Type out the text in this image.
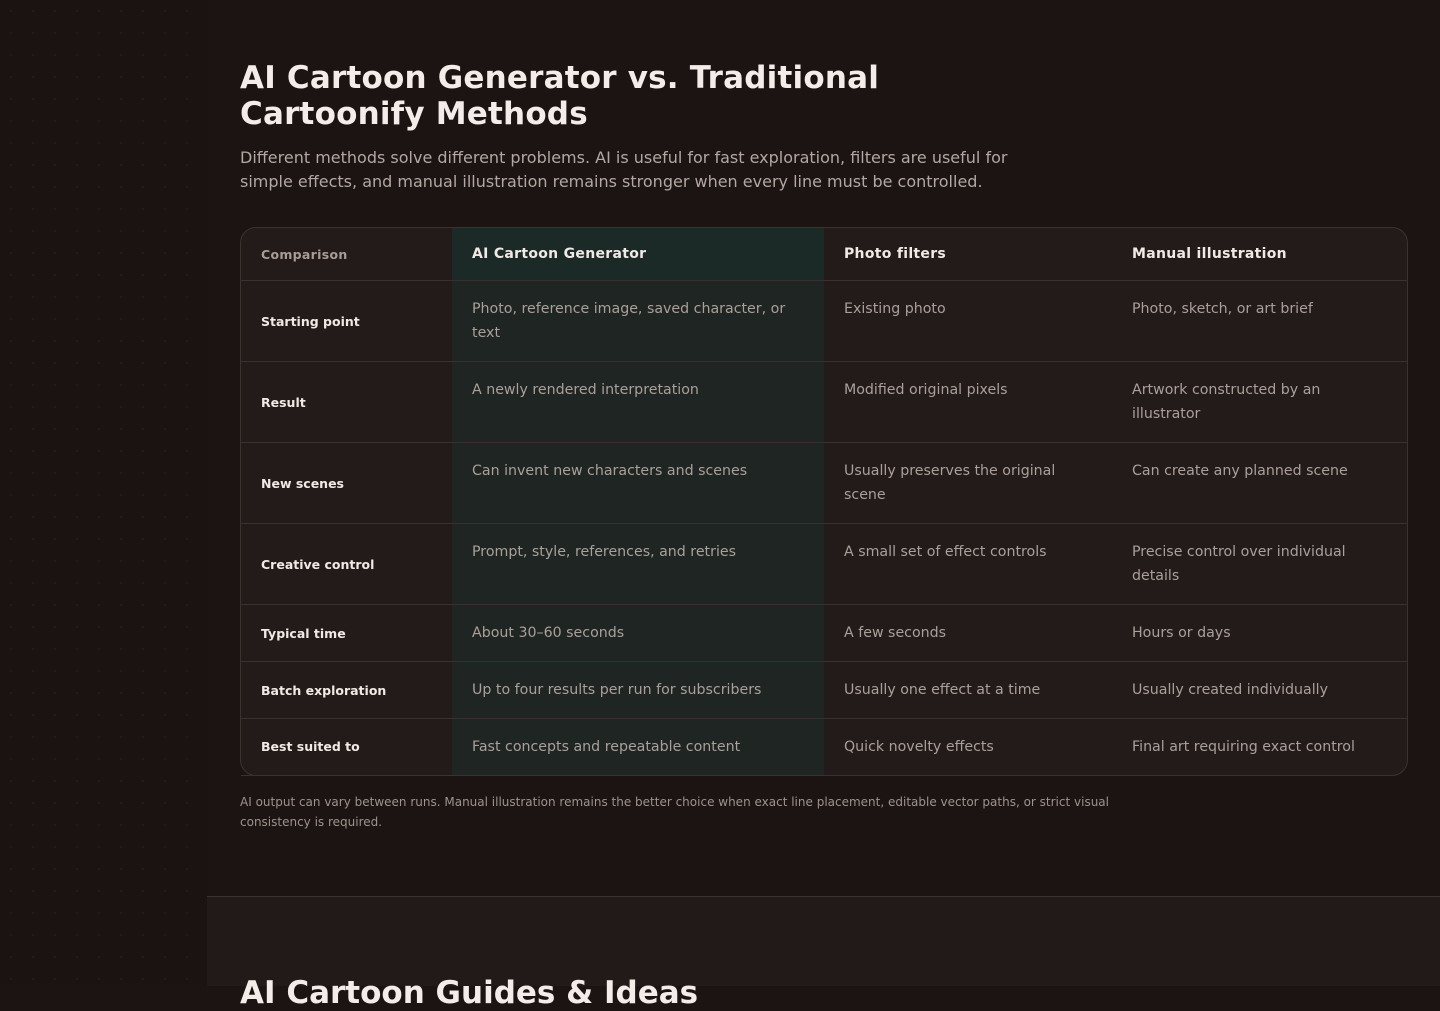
AI Cartoon Generator vs. Traditional Cartoonify Methods

Different methods solve different problems. AI is useful for fast exploration, filters are useful for simple effects, and manual illustration remains stronger when every line must be controlled.

Comparison	AI Cartoon Generator	Photo filters	Manual illustration
Starting point	Photo, reference image, saved character, or text	Existing photo	Photo, sketch, or art brief
Result	A newly rendered interpretation	Modified original pixels	Artwork constructed by an illustrator
New scenes	Can invent new characters and scenes	Usually preserves the original scene	Can create any planned scene
Creative control	Prompt, style, references, and retries	A small set of effect controls	Precise control over individual details
Typical time	About 30–60 seconds	A few seconds	Hours or days
Batch exploration	Up to four results per run for subscribers	Usually one effect at a time	Usually created individually
Best suited to	Fast concepts and repeatable content	Quick novelty effects	Final art requiring exact control

AI output can vary between runs. Manual illustration remains the better choice when exact line placement, editable vector paths, or strict visual consistency is required.

AI Cartoon Guides & Ideas
